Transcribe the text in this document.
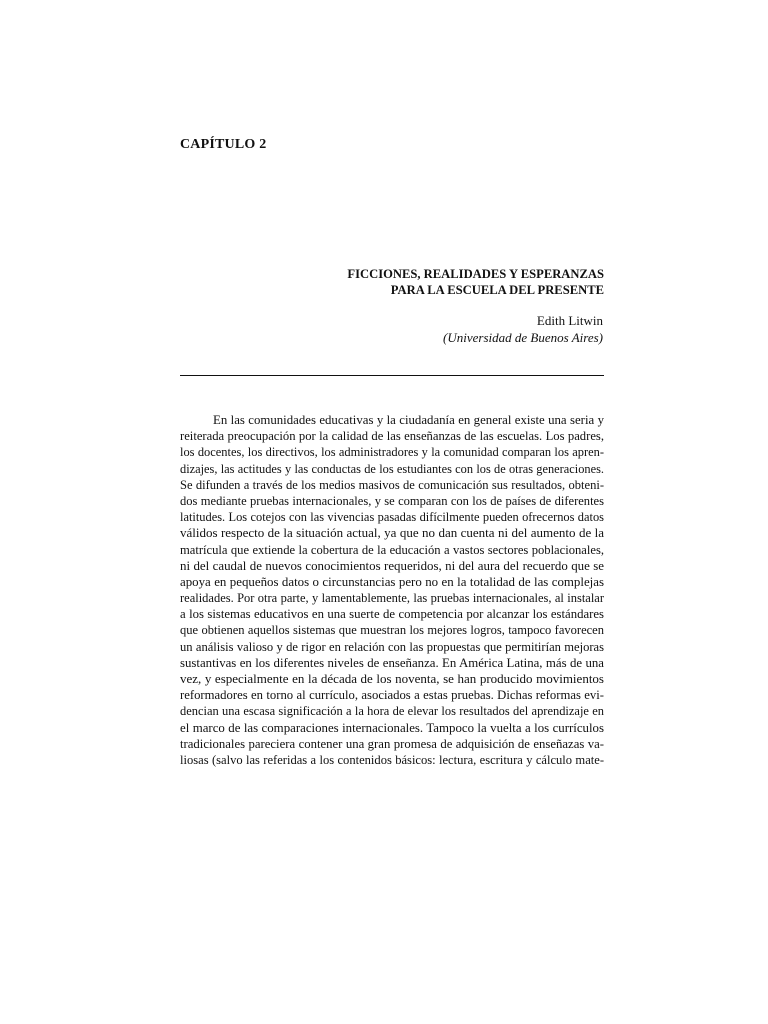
CAPÍTULO 2
FICCIONES, REALIDADES Y ESPERANZAS
PARA LA ESCUELA DEL PRESENTE
Edith Litwin
(Universidad de Buenos Aires)
En las comunidades educativas y la ciudadanía en general existe una seria y
reiterada preocupación por la calidad de las enseñanzas de las escuelas. Los padres,
los docentes, los directivos, los administradores y la comunidad comparan los apren-
dizajes, las actitudes y las conductas de los estudiantes con los de otras generaciones.
Se difunden a través de los medios masivos de comunicación sus resultados, obteni-
dos mediante pruebas internacionales, y se comparan con los de países de diferentes
latitudes. Los cotejos con las vivencias pasadas difícilmente pueden ofrecernos datos
válidos respecto de la situación actual, ya que no dan cuenta ni del aumento de la
matrícula que extiende la cobertura de la educación a vastos sectores poblacionales,
ni del caudal de nuevos conocimientos requeridos, ni del aura del recuerdo que se
apoya en pequeños datos o circunstancias pero no en la totalidad de las complejas
realidades. Por otra parte, y lamentablemente, las pruebas internacionales, al instalar
a los sistemas educativos en una suerte de competencia por alcanzar los estándares
que obtienen aquellos sistemas que muestran los mejores logros, tampoco favorecen
un análisis valioso y de rigor en relación con las propuestas que permitirían mejoras
sustantivas en los diferentes niveles de enseñanza. En América Latina, más de una
vez, y especialmente en la década de los noventa, se han producido movimientos
reformadores en torno al currículo, asociados a estas pruebas. Dichas reformas evi-
dencian una escasa significación a la hora de elevar los resultados del aprendizaje en
el marco de las comparaciones internacionales. Tampoco la vuelta a los currículos
tradicionales pareciera contener una gran promesa de adquisición de enseñazas va-
liosas (salvo las referidas a los contenidos básicos: lectura, escritura y cálculo mate-
